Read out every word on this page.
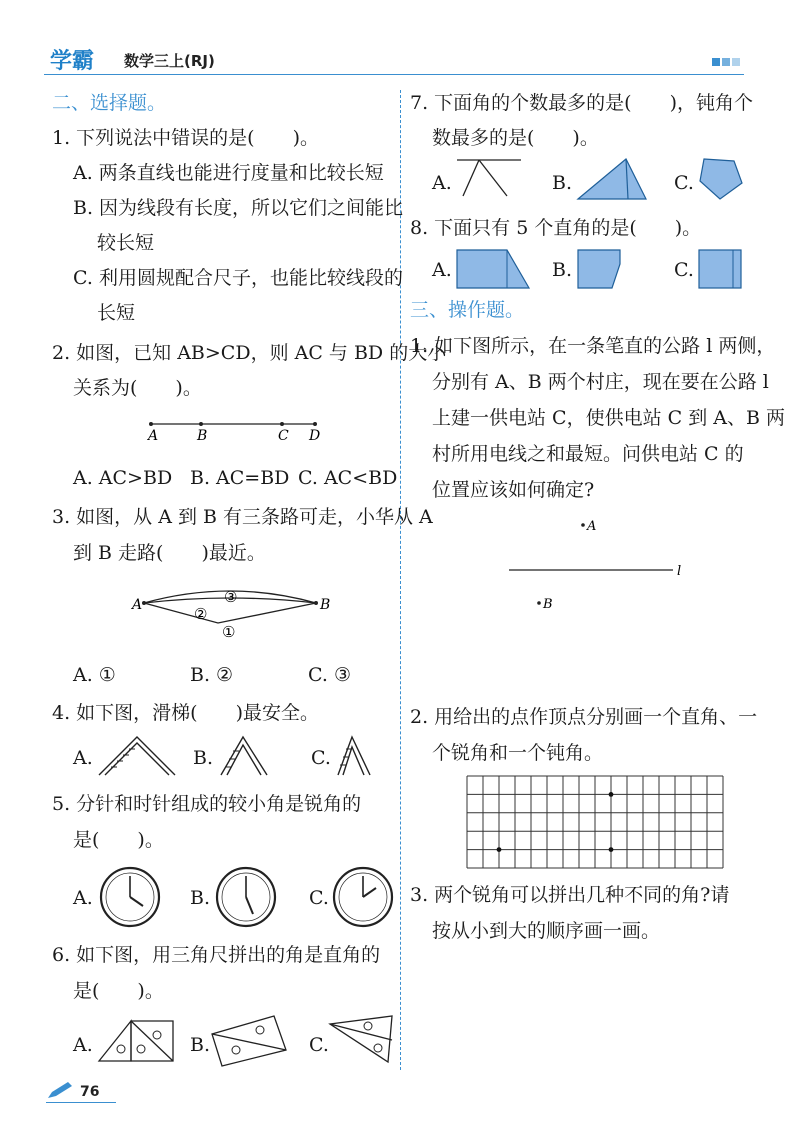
学霸 数学三上(RJ)
二、选择题。
1. 下列说法中错误的是(　　)。
A. 两条直线也能进行度量和比较长短
B. 因为线段有长度，所以它们之间能比
较长短
C. 利用圆规配合尺子，也能比较线段的
长短
2. 如图，已知 AB>CD，则 AC 与 BD 的大小
关系为(　　)。
A	B	C D
A. AC>BD B. AC=BD C. AC<BD
3. 如图，从 A 到 B 有三条路可走，小华从 A
到 B 走路(　　)最近。
A	B
③
②
①
A. ①	B. ②	C. ③
4. 如下图，滑梯(　　)最安全。
A.	B.	C.
5. 分针和时针组成的较小角是锐角的
是(　　)。
A.	B.	C.
6. 如下图，用三角尺拼出的角是直角的
是(　　)。
A.	B.	C.
7. 下面角的个数最多的是(　　)，钝角个
数最多的是(　　)。
A.	B.	C.
8. 下面只有 5 个直角的是(　　)。
A.	B.	C.
三、操作题。
1. 如下图所示，在一条笔直的公路 l 两侧，
分别有 A、B 两个村庄，现在要在公路 l
上建一供电站 C，使供电站 C 到 A、B 两
村所用电线之和最短。问供电站 C 的
位置应该如何确定?
A
l
B
2. 用给出的点作顶点分别画一个直角、一
个锐角和一个钝角。
3. 两个锐角可以拼出几种不同的角?请
按从小到大的顺序画一画。
76
